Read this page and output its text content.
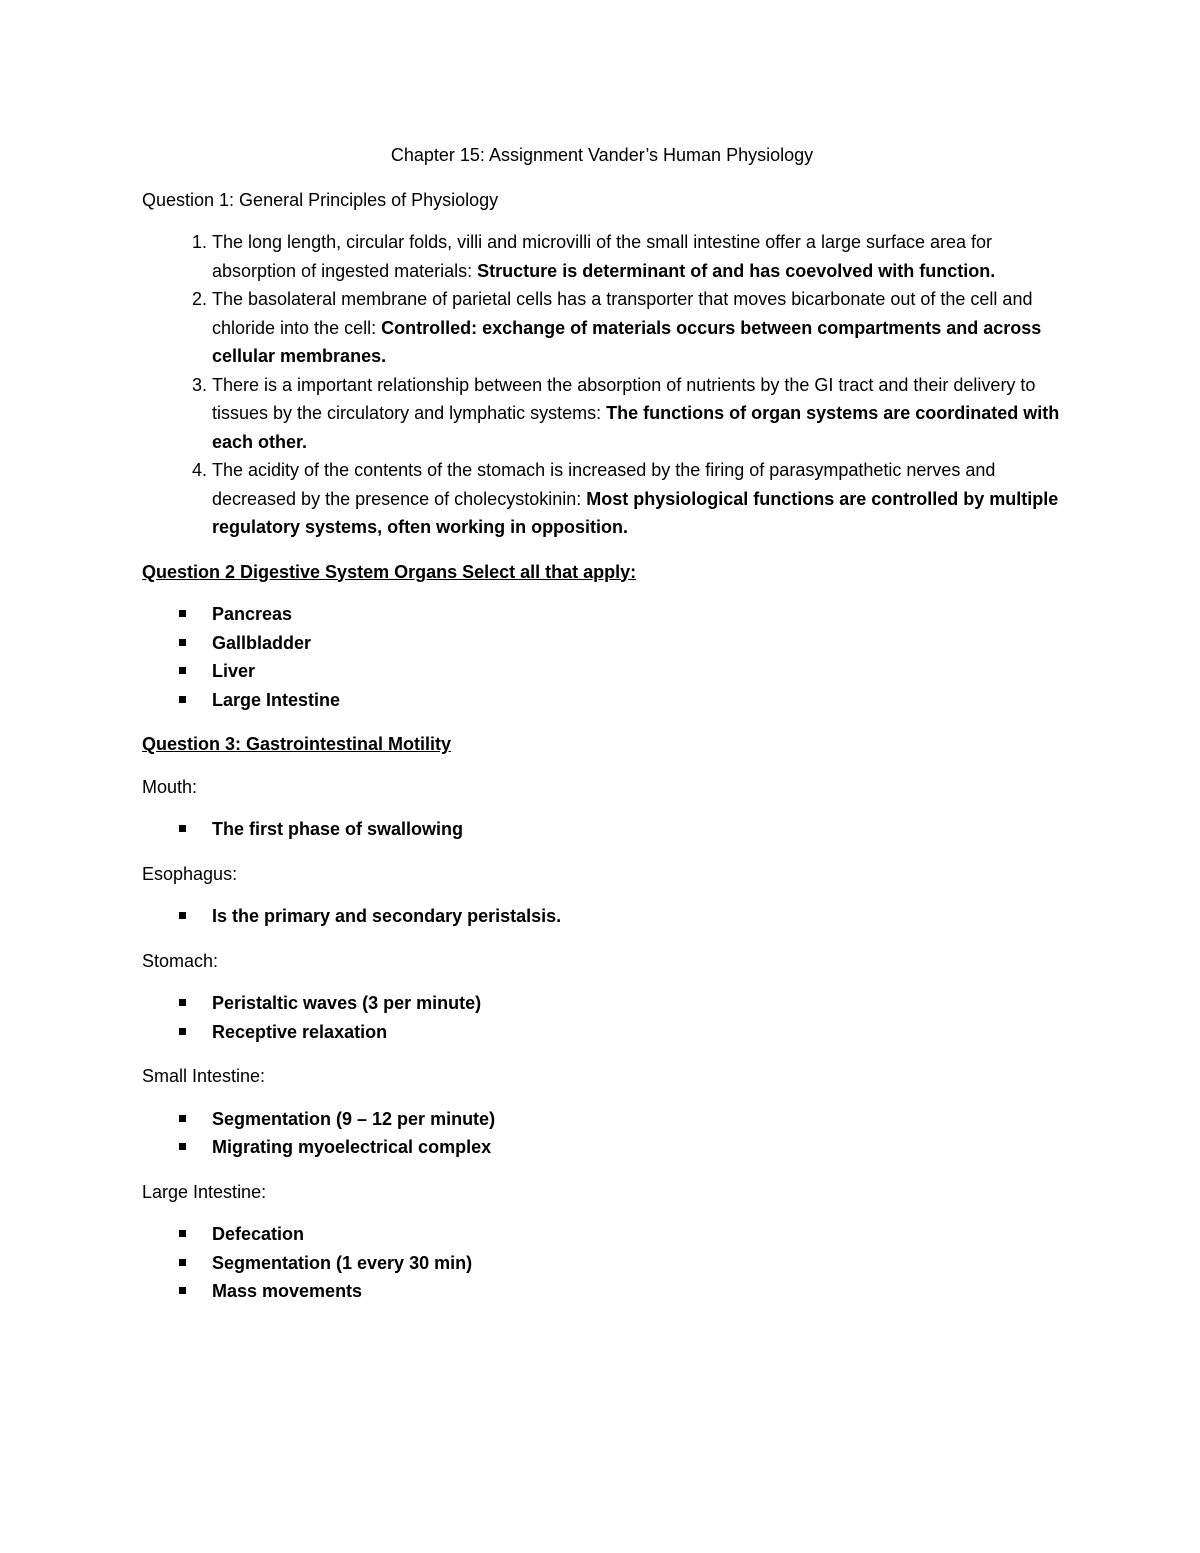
Chapter 15: Assignment Vander’s Human Physiology
Question 1: General Principles of Physiology
1. The long length, circular folds, villi and microvilli of the small intestine offer a large surface area for absorption of ingested materials: Structure is determinant of and has coevolved with function.
2. The basolateral membrane of parietal cells has a transporter that moves bicarbonate out of the cell and chloride into the cell: Controlled: exchange of materials occurs between compartments and across cellular membranes.
3. There is a important relationship between the absorption of nutrients by the GI tract and their delivery to tissues by the circulatory and lymphatic systems: The functions of organ systems are coordinated with each other.
4. The acidity of the contents of the stomach is increased by the firing of parasympathetic nerves and decreased by the presence of cholecystokinin: Most physiological functions are controlled by multiple regulatory systems, often working in opposition.
Question 2 Digestive System Organs Select all that apply:
Pancreas
Gallbladder
Liver
Large Intestine
Question 3: Gastrointestinal Motility
Mouth:
The first phase of swallowing
Esophagus:
Is the primary and secondary peristalsis.
Stomach:
Peristaltic waves (3 per minute)
Receptive relaxation
Small Intestine:
Segmentation (9 – 12 per minute)
Migrating myoelectrical complex
Large Intestine:
Defecation
Segmentation (1 every 30 min)
Mass movements
